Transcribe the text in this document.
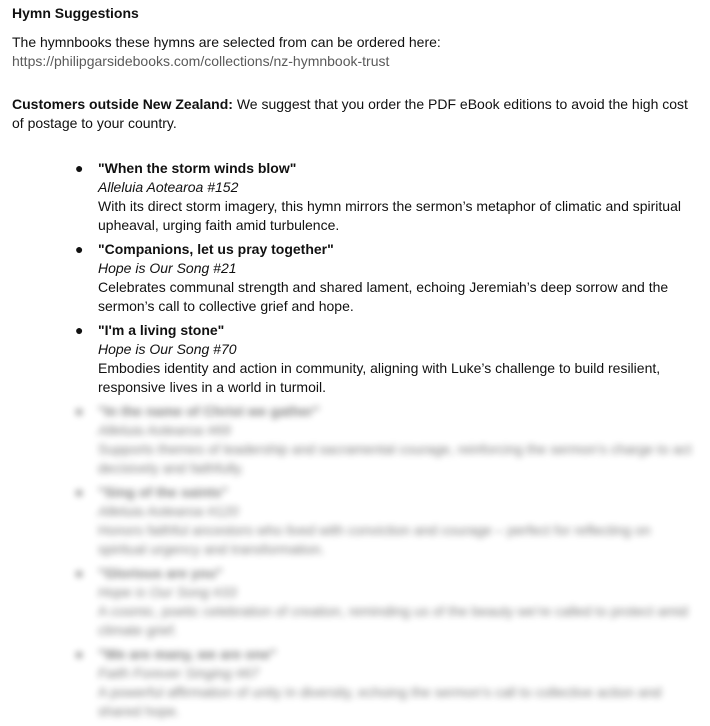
Hymn Suggestions
The hymnbooks these hymns are selected from can be ordered here:
https://philipgarsidebooks.com/collections/nz-hymnbook-trust
Customers outside New Zealand: We suggest that you order the PDF eBook editions to avoid the high cost of postage to your country.
● "When the storm winds blow"
Alleluia Aotearoa #152
With its direct storm imagery, this hymn mirrors the sermon’s metaphor of climatic and spiritual upheaval, urging faith amid turbulence.
● "Companions, let us pray together"
Hope is Our Song #21
Celebrates communal strength and shared lament, echoing Jeremiah’s deep sorrow and the sermon’s call to collective grief and hope.
● "I'm a living stone"
Hope is Our Song #70
Embodies identity and action in community, aligning with Luke’s challenge to build resilient, responsive lives in a world in turmoil.
● "In the name of Christ we gather"
Alleluia Aotearoa #69
Supports themes of leadership and sacramental courage, reinforcing the sermon’s charge to act decisively and faithfully.
● "Sing of the saints"
Alleluia Aotearoa #120
Honors faithful ancestors who lived with conviction and courage – perfect for reflecting on spiritual urgency and transformation.
● "Glorious are you"
Hope is Our Song #33
A cosmic, poetic celebration of creation, reminding us of the beauty we’re called to protect amid climate grief.
● "We are many, we are one"
Faith Forever Singing #67
A powerful affirmation of unity in diversity, echoing the sermon’s call to collective action and shared hope.
